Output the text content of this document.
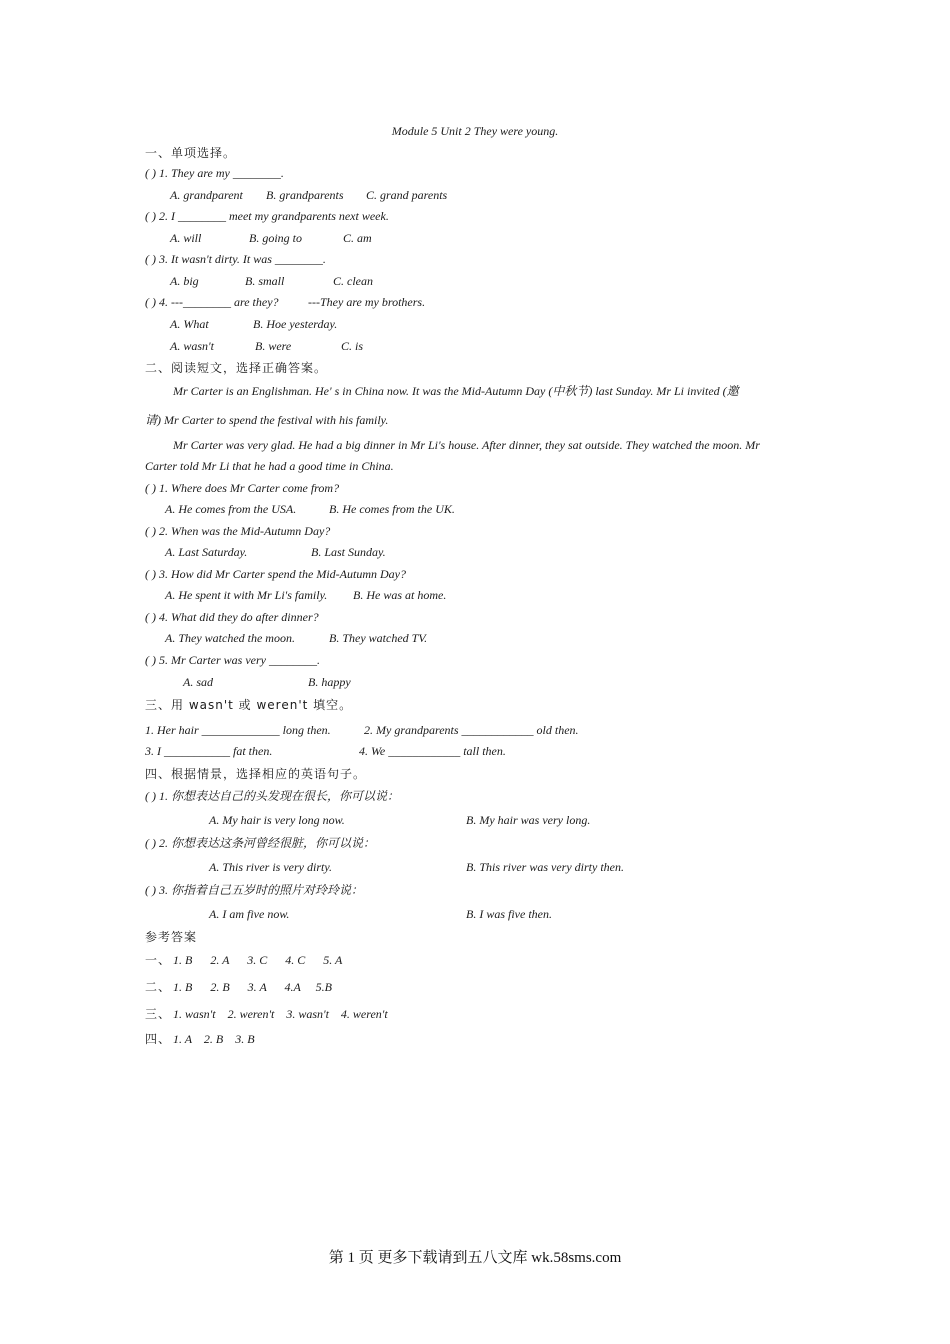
Module 5 Unit 2 They were young.
一、单项选择。
( ) 1. They are my ________.
A. grandparent B. grandparents C. grand parents
( ) 2. I ________ meet my grandparents next week.
A. will	B. going to	C. am
( ) 3. It wasn't dirty. It was ________.
A. big	B. small	C. clean
( ) 4. ---________ are they? ---They are my brothers.
A. What	B. Hoe yesterday.
A. wasn't	B. were	C. is
二、阅读短文，选择正确答案。
Mr Carter is an Englishman. He' s in China now. It was the Mid-Autumn Day (中秋节) last Sunday. Mr Li invited (邀
请) Mr Carter to spend the festival with his family.
Mr Carter was very glad. He had a big dinner in Mr Li's house. After dinner, they sat outside. They watched the moon. Mr
Carter told Mr Li that he had a good time in China.
( ) 1. Where does Mr Carter come from?
A. He comes from the USA.	B. He comes from the UK.
( ) 2. When was the Mid-Autumn Day?
A. Last Saturday.	B. Last Sunday.
( ) 3. How did Mr Carter spend the Mid-Autumn Day?
A. He spent it with Mr Li's family. B. He was at home.
( ) 4. What did they do after dinner?
A. They watched the moon.	B. They watched TV.
( ) 5. Mr Carter was very ________.
A. sad	B. happy
三、用 wasn't 或 weren't 填空。
1. Her hair _____________ long then.	2. My grandparents ____________ old then.
3. I ___________ fat then.	4. We ____________ tall then.
四、根据情景，选择相应的英语句子。
( ) 1. 你想表达自己的头发现在很长，你可以说：
A. My hair is very long now.	B. My hair was very long.
( ) 2. 你想表达这条河曾经很脏，你可以说：
A. This river is very dirty.	B. This river was very dirty then.
( ) 3. 你指着自己五岁时的照片对玲玲说：
A. I am five now.	B. I was five then.
参考答案
一、 1. B      2. A      3. C      4. C      5. A
二、 1. B      2. B      3. A      4.A     5.B
三、 1. wasn't    2. weren't    3. wasn't    4. weren't
四、 1. A    2. B    3. B
第 1 页 更多下载请到五八文库 wk.58sms.com
